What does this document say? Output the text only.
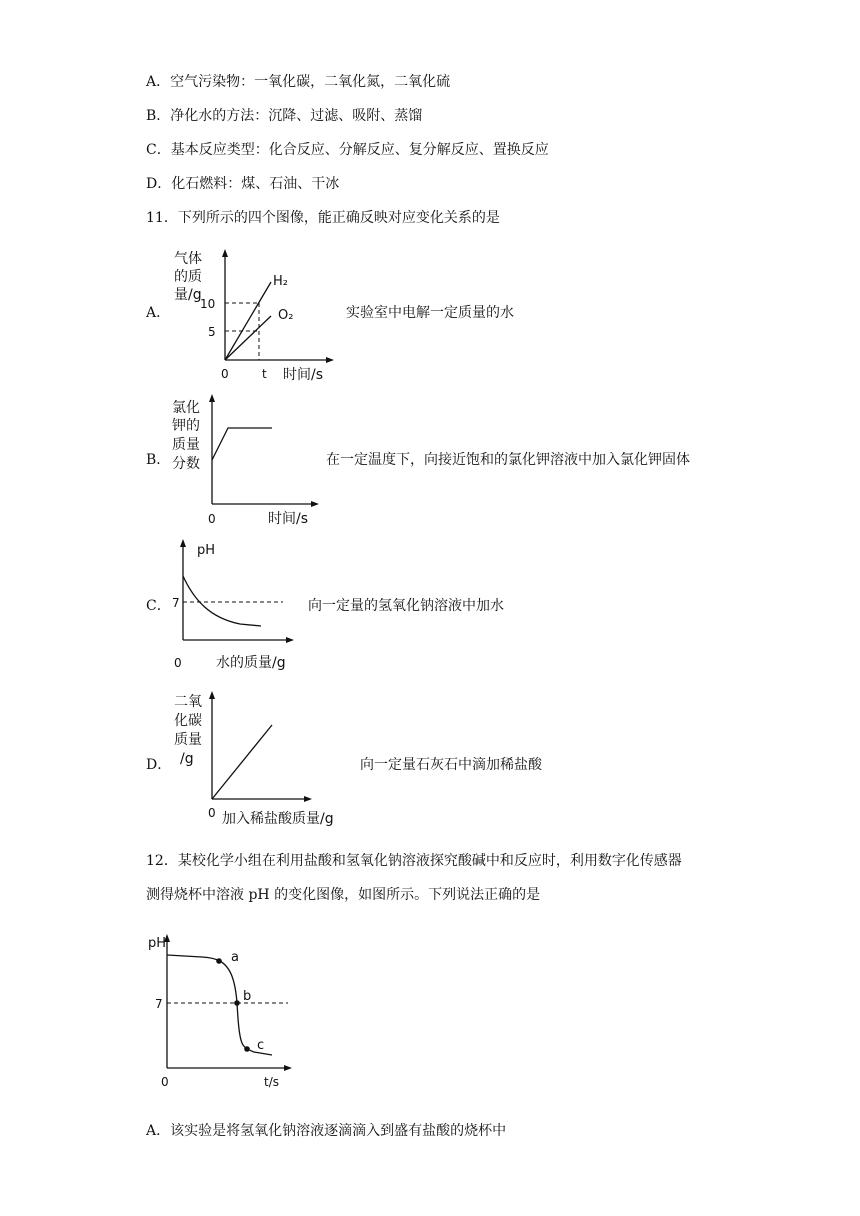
A．空气污染物：一氧化碳，二氧化氮，二氧化硫
B．净化水的方法：沉降、过滤、吸附、蒸馏
C．基本反应类型：化合反应、分解反应、复分解反应、置换反应
D．化石燃料：煤、石油、干冰
11．下列所示的四个图像，能正确反映对应变化关系的是
A．
气体
的质
量/g
10
5
0	t 时间/s
H₂
O₂	实验室中电解一定质量的水
B．
氯化
钾的
质量
分数
0	时间/s
在一定温度下，向接近饱和的氯化钾溶液中加入氯化钾固体
C．
pH
7
0 水的质量/g
向一定量的氢氧化钠溶液中加水
D．
二氧
化碳
质量
/g
0 加入稀盐酸质量/g
向一定量石灰石中滴加稀盐酸
12．某校化学小组在利用盐酸和氢氧化钠溶液探究酸碱中和反应时，利用数字化传感器
测得烧杯中溶液 pH 的变化图像，如图所示。下列说法正确的是
a
b
c
pH
7
0	t/s
A．该实验是将氢氧化钠溶液逐滴滴入到盛有盐酸的烧杯中
